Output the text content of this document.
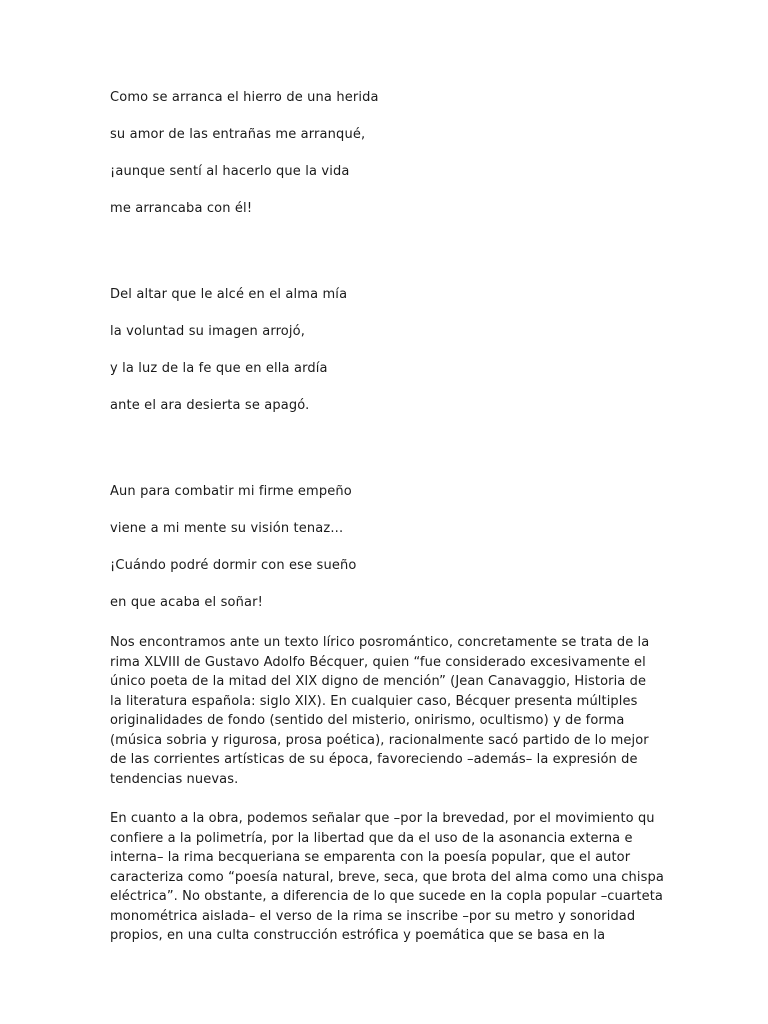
Como se arranca el hierro de una herida
su amor de las entrañas me arranqué,
¡aunque sentí al hacerlo que la vida
me arrancaba con él!
Del altar que le alcé en el alma mía
la voluntad su imagen arrojó,
y la luz de la fe que en ella ardía
ante el ara desierta se apagó.
Aun para combatir mi firme empeño
viene a mi mente su visión tenaz...
¡Cuándo podré dormir con ese sueño
en que acaba el soñar!

Nos encontramos ante un texto lírico posromántico, concretamente se trata de la
rima XLVIII de Gustavo Adolfo Bécquer, quien “fue considerado excesivamente el
único poeta de la mitad del XIX digno de mención” (Jean Canavaggio, Historia de
la literatura española: siglo XIX). En cualquier caso, Bécquer presenta múltiples
originalidades de fondo (sentido del misterio, onirismo, ocultismo) y de forma
(música sobria y rigurosa, prosa poética), racionalmente sacó partido de lo mejor
de las corrientes artísticas de su época, favoreciendo –además– la expresión de
tendencias nuevas.

En cuanto a la obra, podemos señalar que –por la brevedad, por el movimiento qu
confiere a la polimetría, por la libertad que da el uso de la asonancia externa e
interna– la rima becqueriana se emparenta con la poesía popular, que el autor
caracteriza como “poesía natural, breve, seca, que brota del alma como una chispa
eléctrica”. No obstante, a diferencia de lo que sucede en la copla popular –cuarteta
monométrica aislada– el verso de la rima se inscribe –por su metro y sonoridad
propios, en una culta construcción estrófica y poemática que se basa en la
